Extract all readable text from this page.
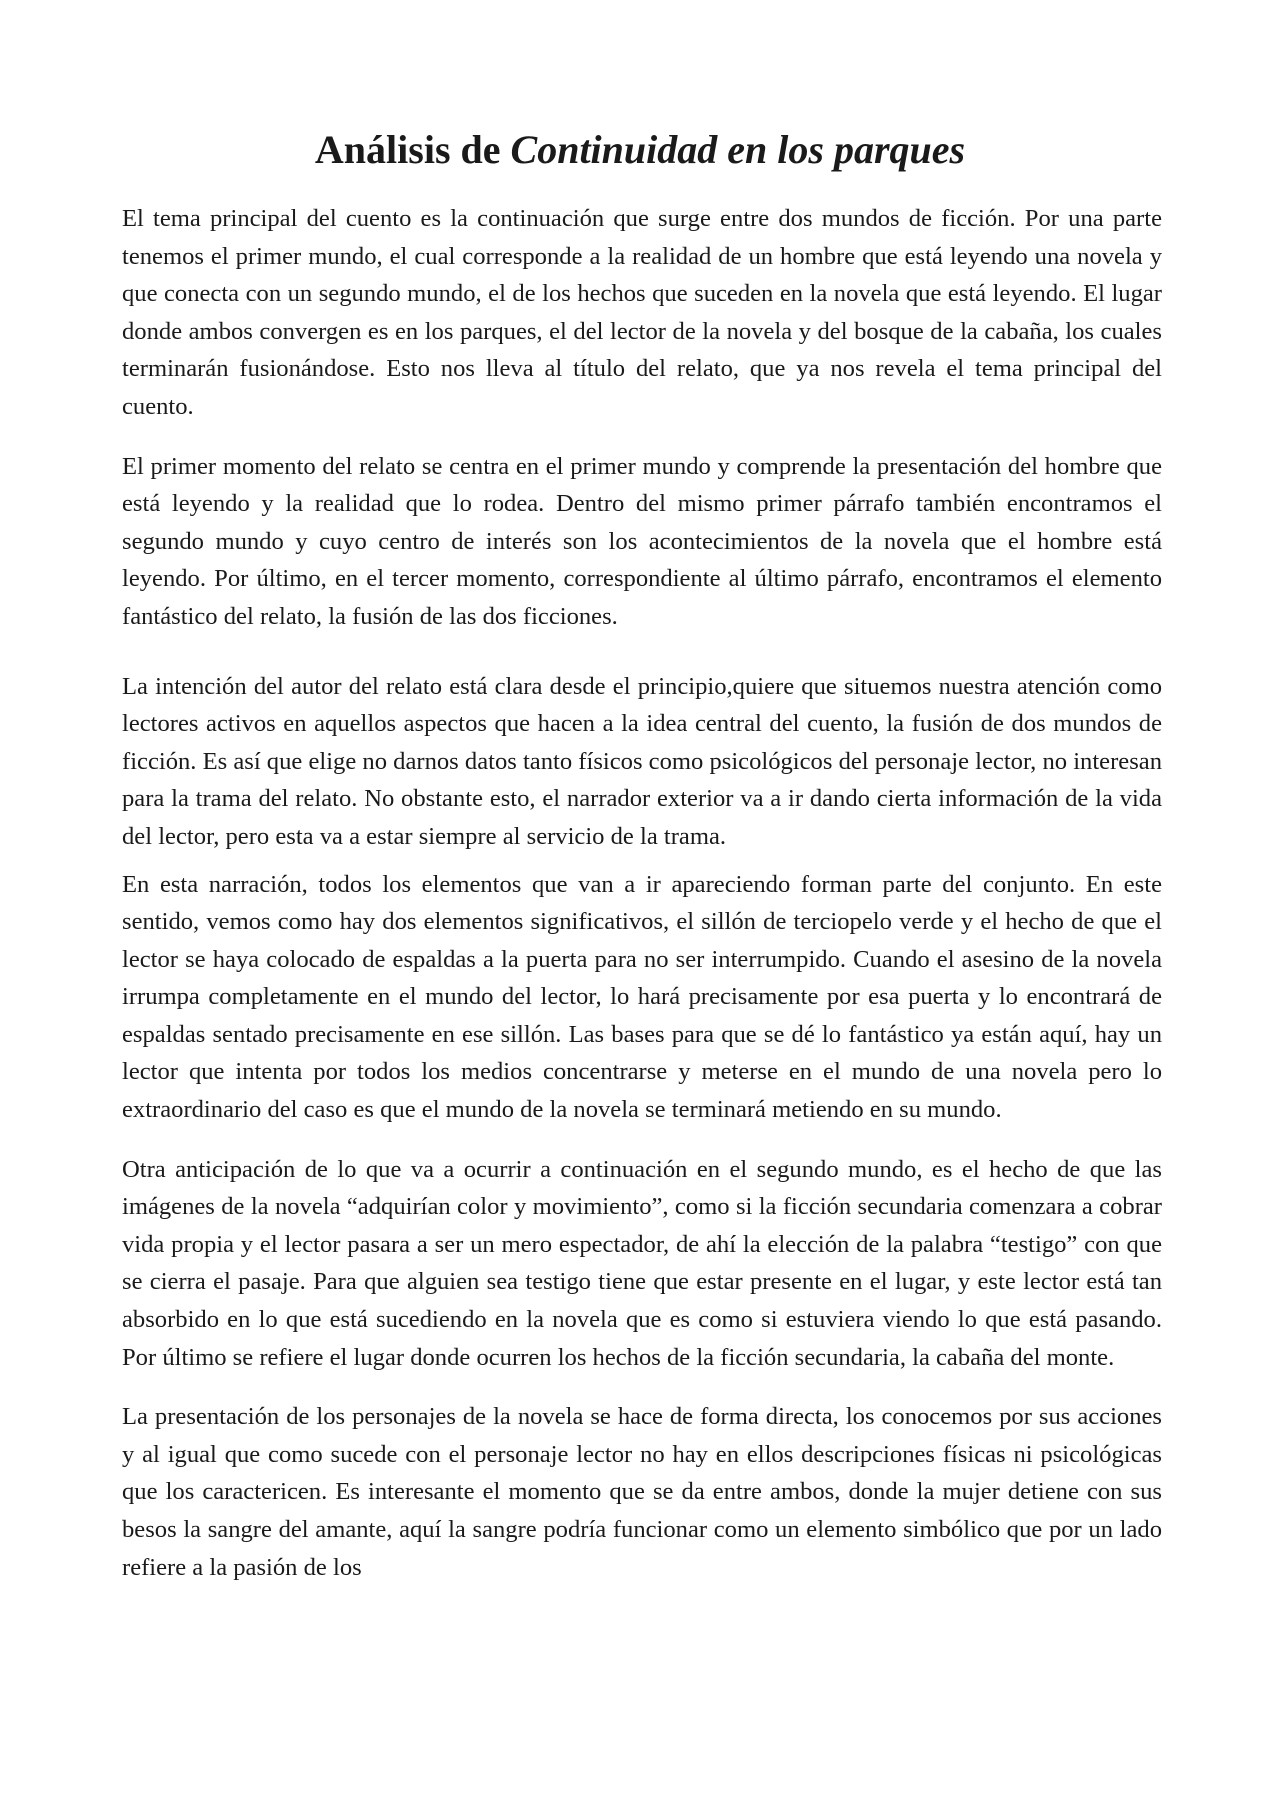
Análisis de Continuidad en los parques

El tema principal del cuento es la continuación que surge entre dos mundos de ficción. Por una parte tenemos el primer mundo, el cual corresponde a la realidad de un hombre que está leyendo una novela y que conecta con un segundo mundo, el de los hechos que suceden en la novela que está leyendo. El lugar donde ambos convergen es en los parques, el del lector de la novela y del bosque de la cabaña, los cuales terminarán fusionándose. Esto nos lleva al título del relato, que ya nos revela el tema principal del cuento.

El primer momento del relato se centra en el primer mundo y comprende la presentación del hombre que está leyendo y la realidad que lo rodea. Dentro del mismo primer párrafo también encontramos el segundo mundo y cuyo centro de interés son los acontecimientos de la novela que el hombre está leyendo. Por último, en el tercer momento, correspondiente al último párrafo, encontramos el elemento fantástico del relato, la fusión de las dos ficciones.

La intención del autor del relato está clara desde el principio,quiere que situemos nuestra atención como lectores activos en aquellos aspectos que hacen a la idea central del cuento, la fusión de dos mundos de ficción. Es así que elige no darnos datos tanto físicos como psicológicos del personaje lector, no interesan para la trama del relato. No obstante esto, el narrador exterior va a ir dando cierta información de la vida del lector, pero esta va a estar siempre al servicio de la trama.

En esta narración, todos los elementos que van a ir apareciendo forman parte del conjunto. En este sentido, vemos como hay dos elementos significativos, el sillón de terciopelo verde y el hecho de que el lector se haya colocado de espaldas a la puerta para no ser interrumpido. Cuando el asesino de la novela irrumpa completamente en el mundo del lector, lo hará precisamente por esa puerta y lo encontrará de espaldas sentado precisamente en ese sillón. Las bases para que se dé lo fantástico ya están aquí, hay un lector que intenta por todos los medios concentrarse y meterse en el mundo de una novela pero lo extraordinario del caso es que el mundo de la novela se terminará metiendo en su mundo.

Otra anticipación de lo que va a ocurrir a continuación en el segundo mundo, es el hecho de que las imágenes de la novela “adquirían color y movimiento”, como si la ficción secundaria comenzara a cobrar vida propia y el lector pasara a ser un mero espectador, de ahí la elección de la palabra “testigo” con que se cierra el pasaje. Para que alguien sea testigo tiene que estar presente en el lugar, y este lector está tan absorbido en lo que está sucediendo en la novela que es como si estuviera viendo lo que está pasando. Por último se refiere el lugar donde ocurren los hechos de la ficción secundaria, la cabaña del monte.

La presentación de los personajes de la novela se hace de forma directa, los conocemos por sus acciones y al igual que como sucede con el personaje lector no hay en ellos descripciones físicas ni psicológicas que los caractericen. Es interesante el momento que se da entre ambos, donde la mujer detiene con sus besos la sangre del amante, aquí la sangre podría funcionar como un elemento simbólico que por un lado refiere a la pasión de los
